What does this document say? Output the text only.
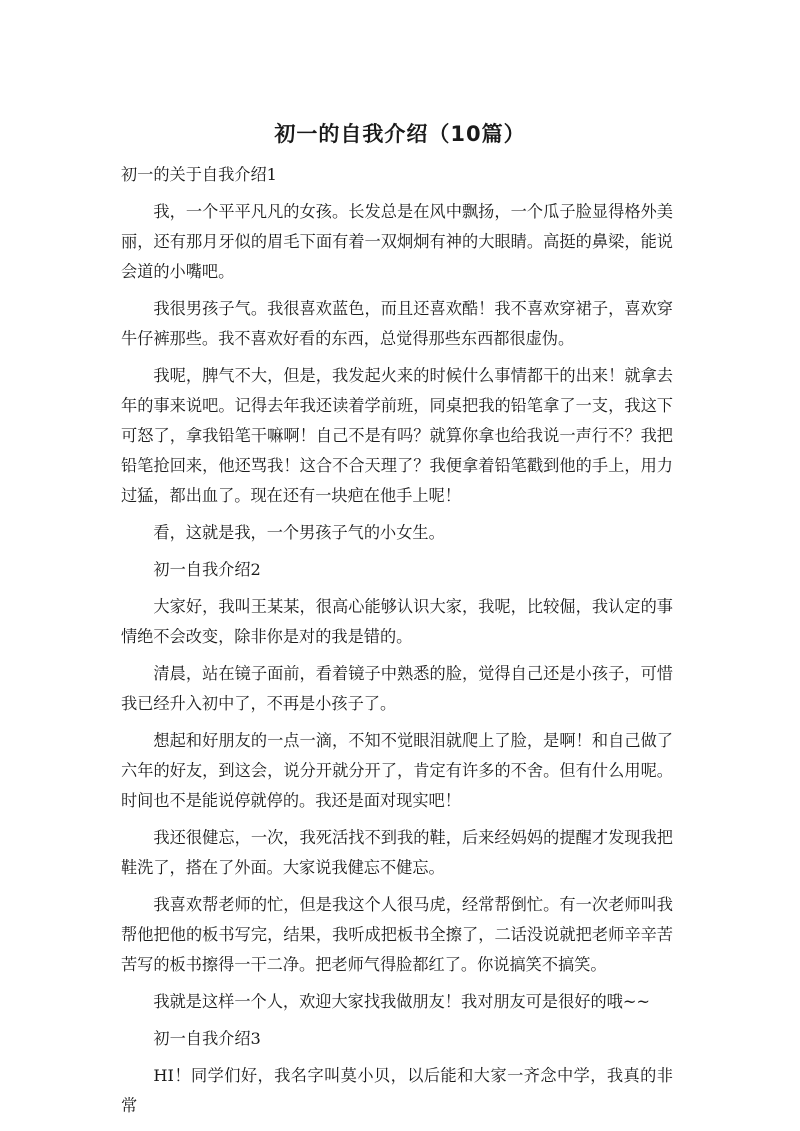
初一的自我介绍（10篇）

初一的关于自我介绍1

我，一个平平凡凡的女孩。长发总是在风中飘扬，一个瓜子脸显得格外美丽，还有那月牙似的眉毛下面有着一双炯炯有神的大眼睛。高挺的鼻梁，能说会道的小嘴吧。

我很男孩子气。我很喜欢蓝色，而且还喜欢酷！我不喜欢穿裙子，喜欢穿牛仔裤那些。我不喜欢好看的东西，总觉得那些东西都很虚伪。

我呢，脾气不大，但是，我发起火来的时候什么事情都干的出来！就拿去年的事来说吧。记得去年我还读着学前班，同桌把我的铅笔拿了一支，我这下可怒了，拿我铅笔干嘛啊！自己不是有吗？就算你拿也给我说一声行不？我把铅笔抢回来，他还骂我！这合不合天理了？我便拿着铅笔戳到他的手上，用力过猛，都出血了。现在还有一块疤在他手上呢！

看，这就是我，一个男孩子气的小女生。

初一自我介绍2

大家好，我叫王某某，很高心能够认识大家，我呢，比较倔，我认定的事情绝不会改变，除非你是对的我是错的。

清晨，站在镜子面前，看着镜子中熟悉的脸，觉得自己还是小孩子，可惜我已经升入初中了，不再是小孩子了。

想起和好朋友的一点一滴，不知不觉眼泪就爬上了脸，是啊！和自己做了六年的好友，到这会，说分开就分开了，肯定有许多的不舍。但有什么用呢。时间也不是能说停就停的。我还是面对现实吧！

我还很健忘，一次，我死活找不到我的鞋，后来经妈妈的提醒才发现我把鞋洗了，搭在了外面。大家说我健忘不健忘。

我喜欢帮老师的忙，但是我这个人很马虎，经常帮倒忙。有一次老师叫我帮他把他的板书写完，结果，我听成把板书全擦了，二话没说就把老师辛辛苦苦写的板书擦得一干二净。把老师气得脸都红了。你说搞笑不搞笑。

我就是这样一个人，欢迎大家找我做朋友！我对朋友可是很好的哦~~

初一自我介绍3

HI！同学们好，我名字叫莫小贝，以后能和大家一齐念中学，我真的非常
